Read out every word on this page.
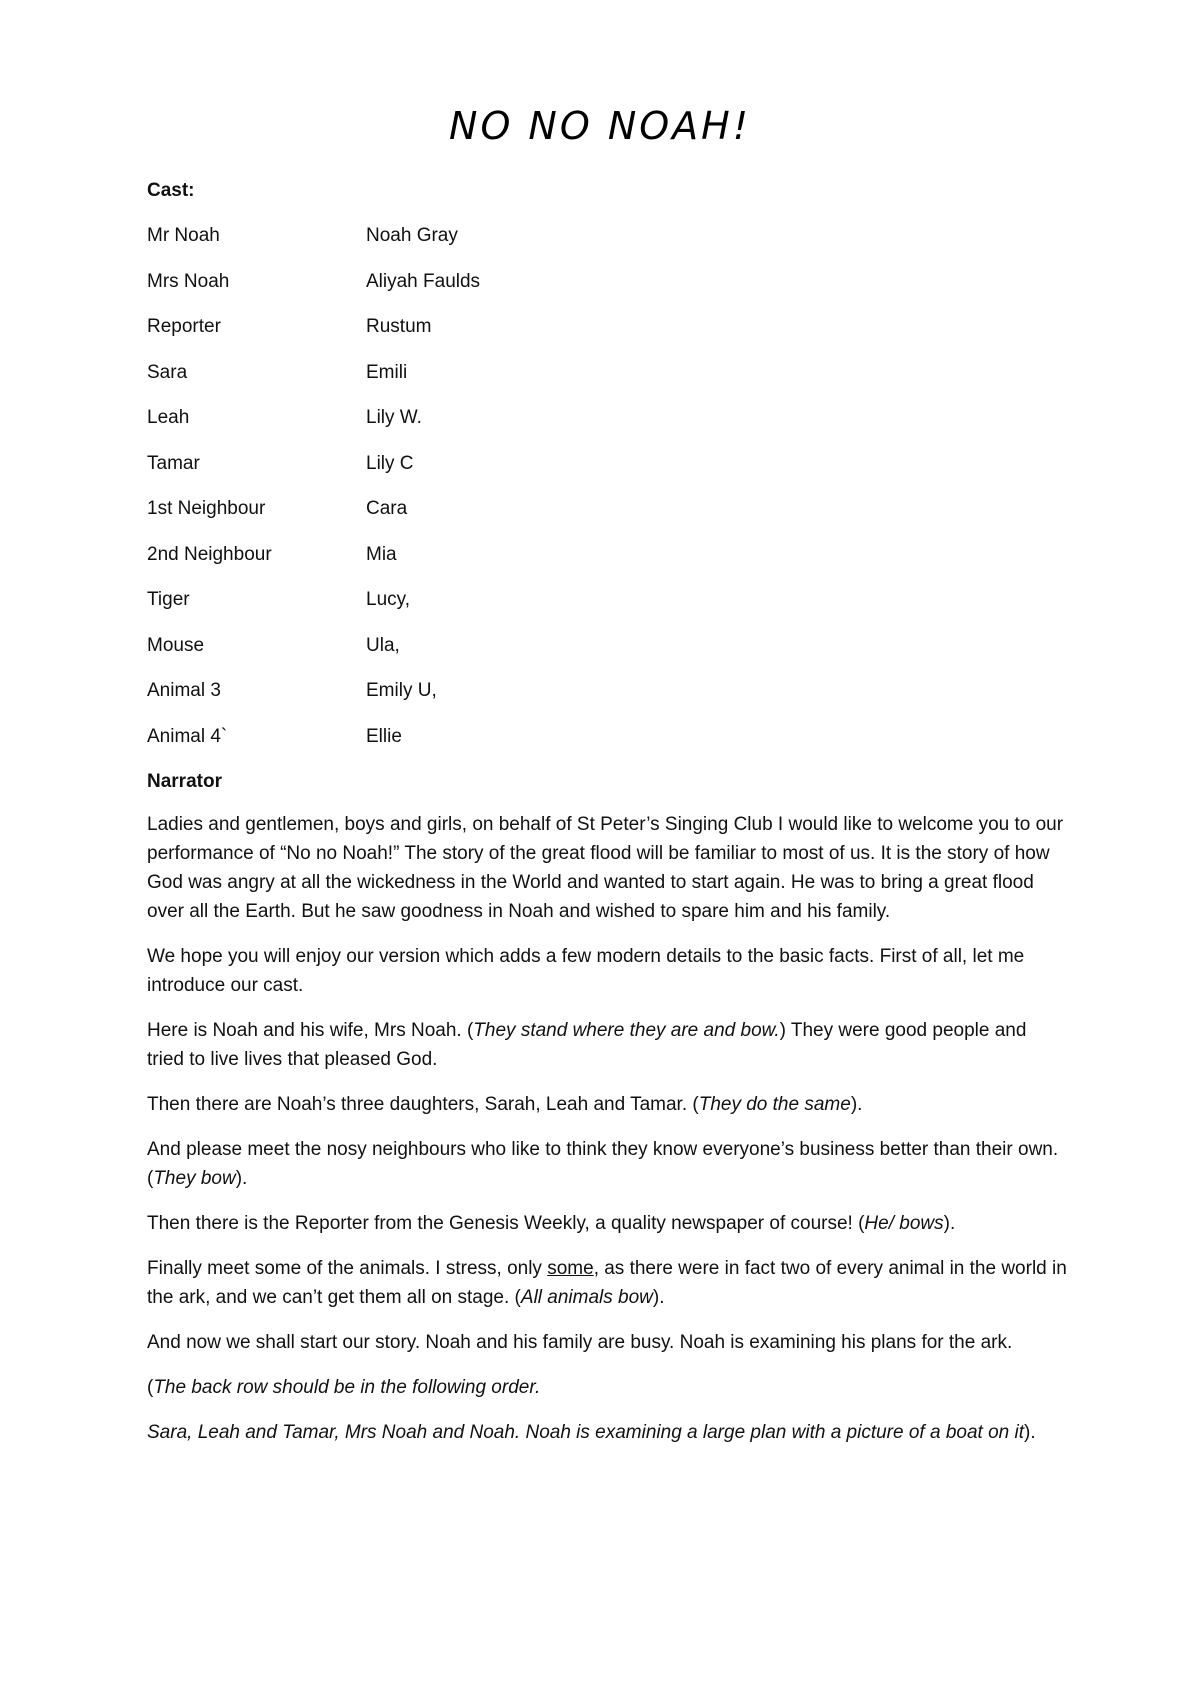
NO NO NOAH!
Cast:
Mr Noah	Noah Gray
Mrs Noah	Aliyah Faulds
Reporter	Rustum
Sara	Emili
Leah	Lily W.
Tamar	Lily C
1st Neighbour	Cara
2nd Neighbour	Mia
Tiger	Lucy,
Mouse	Ula,
Animal 3	Emily U,
Animal 4`	Ellie
Narrator

Ladies and gentlemen, boys and girls, on behalf of St Peter’s Singing Club I would like to welcome you to our performance of “No no Noah!” The story of the great flood will be familiar to most of us. It is the story of how God was angry at all the wickedness in the World and wanted to start again. He was to bring a great flood over all the Earth. But he saw goodness in Noah and wished to spare him and his family.

We hope you will enjoy our version which adds a few modern details to the basic facts. First of all, let me introduce our cast.

Here is Noah and his wife, Mrs Noah. (They stand where they are and bow.) They were good people and tried to live lives that pleased God.

Then there are Noah’s three daughters, Sarah, Leah and Tamar. (They do the same).

And please meet the nosy neighbours who like to think they know everyone’s business better than their own. (They bow).

Then there is the Reporter from the Genesis Weekly, a quality newspaper of course! (He/ bows).

Finally meet some of the animals. I stress, only some, as there were in fact two of every animal in the world in the ark, and we can’t get them all on stage. (All animals bow).

And now we shall start our story. Noah and his family are busy. Noah is examining his plans for the ark.

(The back row should be in the following order.

Sara, Leah and Tamar, Mrs Noah and Noah. Noah is examining a large plan with a picture of a boat on it).
